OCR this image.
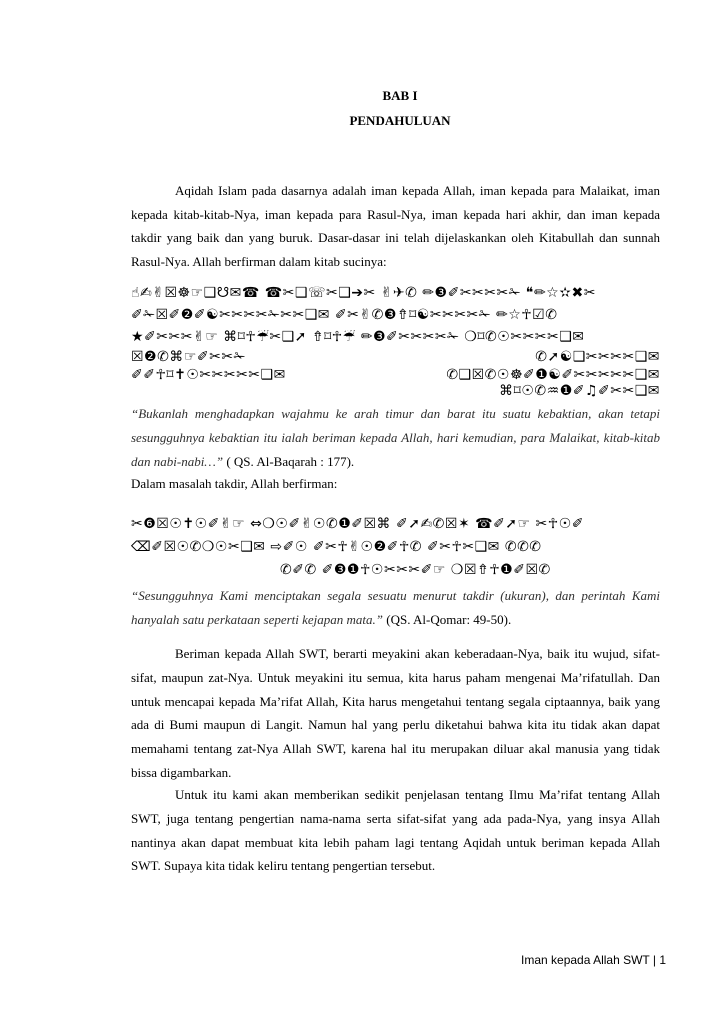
BAB I
PENDAHULUAN

Aqidah Islam pada dasarnya adalah iman kepada Allah, iman kepada para Malaikat, iman kepada kitab-kitab-Nya, iman kepada para Rasul-Nya, iman kepada hari akhir, dan iman kepada takdir yang baik dan yang buruk. Dasar-dasar ini telah dijelaskankan oleh Kitabullah dan sunnah Rasul-Nya. Allah berfirman dalam kitab sucinya:

☝✍✌☒☸☞❑☋✉☎ ☎✂❑☏✂❑➔✂ ✌✈✆ ✏❸✐✂✂✂✂✁ ❝✏☆✫✖✂
✐✁☒✐❷✐☯✂✂✂✂✁✂✂❑✉ ✐✂✌✆❸⇮⌑☯✂✂✂✂✁ ✏☆☥☑✆
★✐✂✂✂✌☞ ⌘⌑☥☔✂❑➚ ⇮⌑☥☔ ✏❸✐✂✂✂✂✁ ❍⌑✆☉✂✂✂✂❑✉
☒❷✆⌘☞✐✂✂✁	✆➚☯❑✂✂✂✂❑✉
✐✐☥⌑✝☉✂✂✂✂✂❑✉	✆❑☒✆☉☸✐❶☯✐✂✂✂✂✂❑✉
⌘⌑☉✆♒❶✐♫✐✂✂❑✉

“Bukanlah menghadapkan wajahmu ke arah timur dan barat itu suatu kebaktian, akan tetapi sesungguhnya kebaktian itu ialah beriman kepada Allah, hari kemudian, para Malaikat, kitab-kitab dan nabi-nabi…” ( QS. Al-Baqarah : 177).

Dalam masalah takdir, Allah berfirman:

✂❻☒☉✝☉✐✌☞ ⇔❍☉✐✌☉✆❶✐☒⌘ ✐➚✍✆☒✶ ☎✐➚☞ ✂☥☉✐
⌫✐☒☉✆❍☉✂❑✉ ⇨✐☉ ✐✂☥✌☉❷✐☥✆ ✐✂☥✂❑✉ ✆✆✆
✆✐✆ ✐❸❶☥☉✂✂✂✐☞ ❍☒⇮☥❶✐☒✆

“Sesungguhnya Kami menciptakan segala sesuatu menurut takdir (ukuran), dan perintah Kami hanyalah satu perkataan seperti kejapan mata.” (QS. Al-Qomar: 49-50).

Beriman kepada Allah SWT, berarti meyakini akan keberadaan-Nya, baik itu wujud, sifat-sifat, maupun zat-Nya. Untuk meyakini itu semua, kita harus paham mengenai Ma’rifatullah. Dan untuk mencapai kepada Ma’rifat Allah, Kita harus mengetahui tentang segala ciptaannya, baik yang ada di Bumi maupun di Langit. Namun hal yang perlu diketahui bahwa kita itu tidak akan dapat memahami tentang zat-Nya Allah SWT, karena hal itu merupakan diluar akal manusia yang tidak bissa digambarkan.

Untuk itu kami akan memberikan sedikit penjelasan tentang Ilmu Ma’rifat tentang Allah SWT, juga tentang pengertian nama-nama serta sifat-sifat yang ada pada-Nya, yang insya Allah nantinya akan dapat membuat kita lebih paham lagi tentang Aqidah untuk beriman kepada Allah SWT. Supaya kita tidak keliru tentang pengertian tersebut.

Iman kepada Allah SWT | 1
